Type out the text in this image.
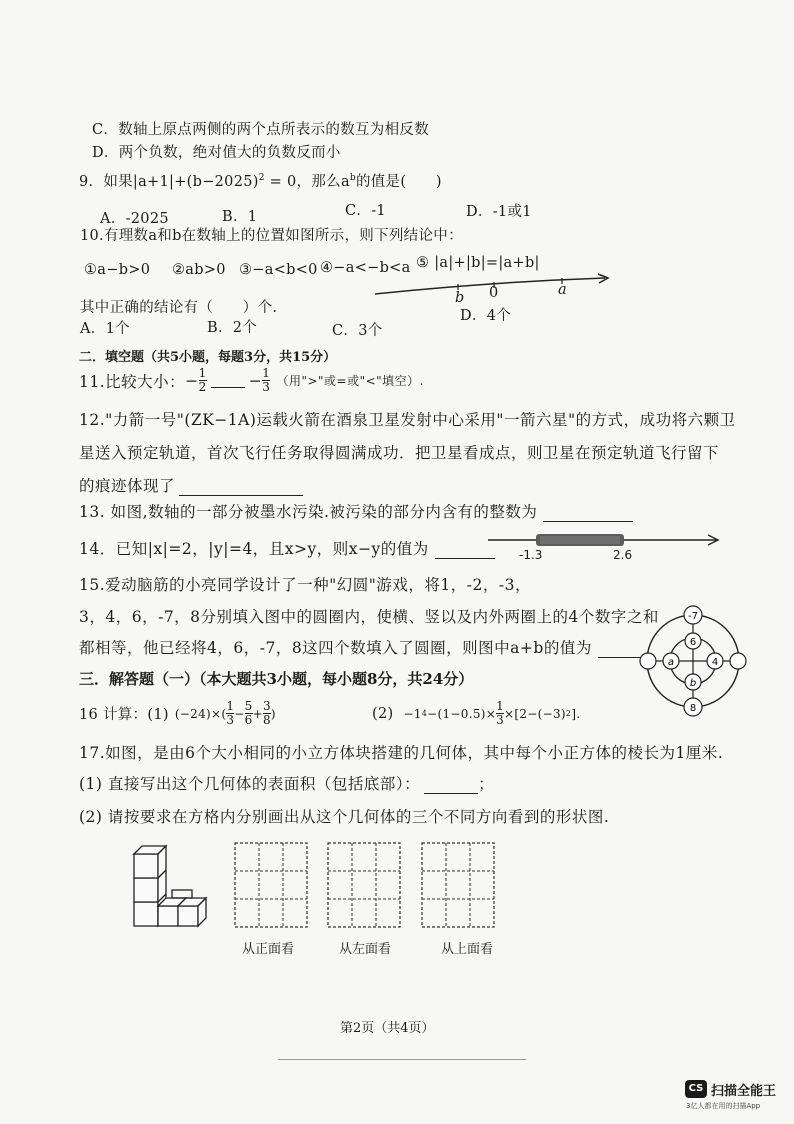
C．数轴上原点两侧的两个点所表示的数互为相反数
D．两个负数，绝对值大的负数反而小
9．如果$|a+1|+(b-2025)^2 = 0$，那么$a^b$的值是(　　)
A．-2025	B．1	C．-1	D．-1或1
10.有理数a和b在数轴上的位置如图所示，则下列结论中：
①a−b>0 ②ab>0 ③−a<b<0 ④−a<−b<a ⑤ |a|+|b|=|a+b|
b 0	a
其中正确的结论有（　　）个.
A．1个	B．2个	C．3个
D．4个
二．填空题（共5小题，每题3分，共15分）
11.比较大小： − $\frac{1}{2}$	− $\frac{1}{3}$ （用">"或=或"<"填空）.
12."力箭一号"(ZK−1A)运载火箭在酒泉卫星发射中心采用"一箭六星"的方式，成功将六颗卫
星送入预定轨道，首次飞行任务取得圆满成功．把卫星看成点，则卫星在预定轨道飞行留下
的痕迹体现了
13. 如图,数轴的一部分被墨水污染.被污染的部分内含有的整数为
14．已知|x|=2，|y|=4，且x>y，则x−y的值为	-1.3	2.6
15.爱动脑筋的小亮同学设计了一种"幻圆"游戏，将1，-2，-3，
3，4，6，-7，8分别填入图中的圆圈内，使横、竖以及内外两圈上的4个数字之和
都相等，他已经将4，6，-7，8这四个数填入了圆圈，则图中a+b的值为
-7
6
a	4
b
8
三．解答题（一）（本大题共3小题，每小题8分，共24分）
16 计算：(1) $(-24)\times( \frac{1}{3} - \frac{5}{6} + \frac{3}{8}$ )	(2) −1 $4 -(1-0.5)\times \frac{1}{3} \times[2-(-3)$ 2 ].
17.如图，是由6个大小相同的小立方体块搭建的几何体，其中每个小正方体的棱长为1厘米.
(1) 直接写出这个几何体的表面积（包括底部）：	；
(2) 请按要求在方格内分别画出从这个几何体的三个不同方向看到的形状图.
从正面看	从左面看	从上面看
第2页（共4页）
CS 扫描全能王
3亿人都在用的扫描App
